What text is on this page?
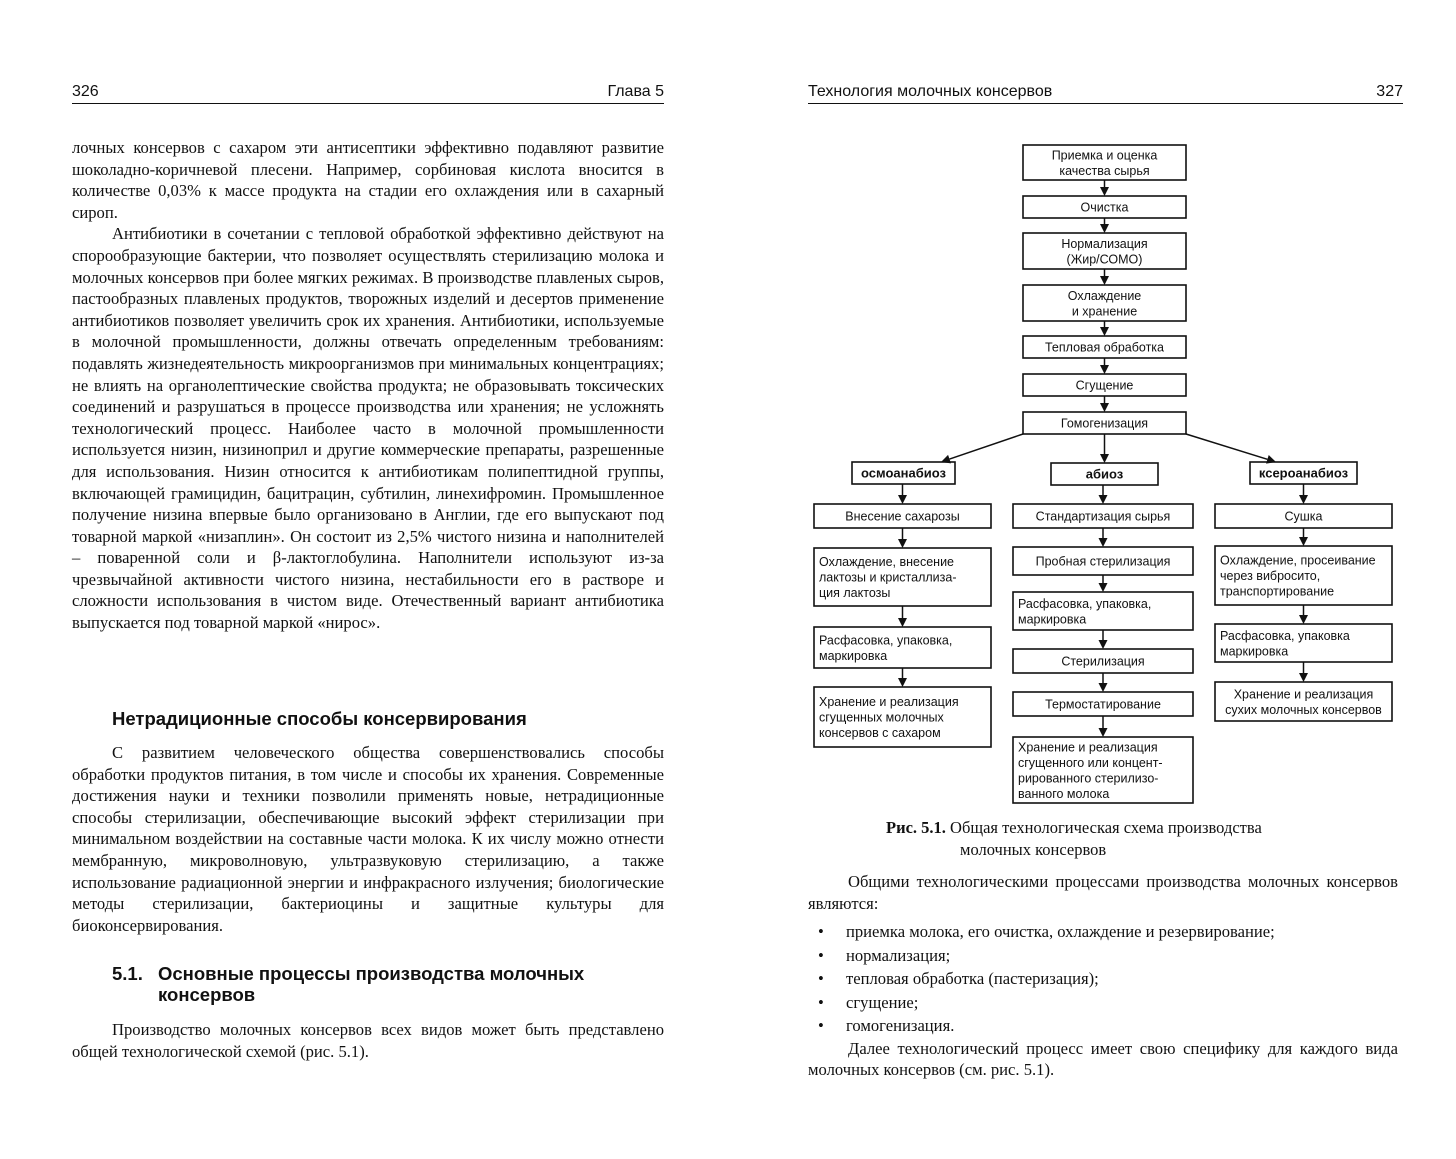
326	Глава 5

лочных консервов с сахаром эти антисептики эффективно подавляют развитие шоколадно-коричневой плесени. Например, сорбиновая кислота вносится в количестве 0,03% к массе продукта на стадии его охлаждения или в сахарный сироп.

Антибиотики в сочетании с тепловой обработкой эффективно действуют на спорообразующие бактерии, что позволяет осуществлять стерилизацию молока и молочных консервов при более мягких режимах. В производстве плавленых сыров, пастообразных плавленых продуктов, творожных изделий и десертов применение антибиотиков позволяет увеличить срок их хранения. Антибиотики, используемые в молочной промышленности, должны отвечать определенным требованиям: подавлять жизнедеятельность микроорганизмов при минимальных концентрациях; не влиять на органолептические свойства продукта; не образовывать токсических соединений и разрушаться в процессе производства или хранения; не усложнять технологический процесс. Наиболее часто в молочной промышленности используется низин, низиноприл и другие коммерческие препараты, разрешенные для использования. Низин относится к антибиотикам полипептидной группы, включающей грамицидин, бацитрацин, субтилин, линехифромин. Промышленное получение низина впервые было организовано в Англии, где его выпускают под товарной маркой «низаплин». Он состоит из 2,5% чистого низина и наполнителей – поваренной соли и β-лактоглобулина. Наполнители используют из-за чрезвычайной активности чистого низина, нестабильности его в растворе и сложности использования в чистом виде. Отечественный вариант антибиотика выпускается под товарной маркой «нирос».

Нетрадиционные способы консервирования

С развитием человеческого общества совершенствовались способы обработки продуктов питания, в том числе и способы их хранения. Современные достижения науки и техники позволили применять новые, нетрадиционные способы стерилизации, обеспечивающие высокий эффект стерилизации при минимальном воздействии на составные части молока. К их числу можно отнести мембранную, микроволновую, ультразвуковую стерилизацию, а также использование радиационной энергии и инфракрасного излучения; биологические методы стерилизации, бактериоцины и защитные культуры для биоконсервирования.

5.1. Основные процессы производства молочных
консервов

Производство молочных консервов всех видов может быть представлено общей технологической схемой (рис. 5.1).

Технология молочных консервов	327
Приемка и оценка
качества сырья
Очистка
Нормализация
(Жир/СОМО)
Охлаждение
и хранение
Тепловая обработка
Сгущение
Гомогенизация
осмоанабиоз	абиоз	ксероанабиоз
Внесение сахарозы
Охлаждение, внесение
лактозы и кристаллиза-
ция лактозы
Расфасовка, упаковка,
маркировка
Хранение и реализация
сгущенных молочных
консервов с сахаром
Стандартизация сырья
Пробная стерилизация
Расфасовка, упаковка,
маркировка
Стерилизация
Термостатирование
Хранение и реализация
сгущенного или концент-
рированного стерилизо-
ванного молока
Сушка
Охлаждение, просеивание
через вибросито,
транспортирование
Расфасовка, упаковка
маркировка
Хранение и реализация
сухих молочных консервов
Рис. 5.1. Общая технологическая схема производства
молочных консервов

Общими технологическими процессами производства молочных консервов являются:

• приемка молока, его очистка, охлаждение и резервирование;
• нормализация;
• тепловая обработка (пастеризация);
• сгущение;
• гомогенизация.

Далее технологический процесс имеет свою специфику для каждого вида молочных консервов (см. рис. 5.1).
